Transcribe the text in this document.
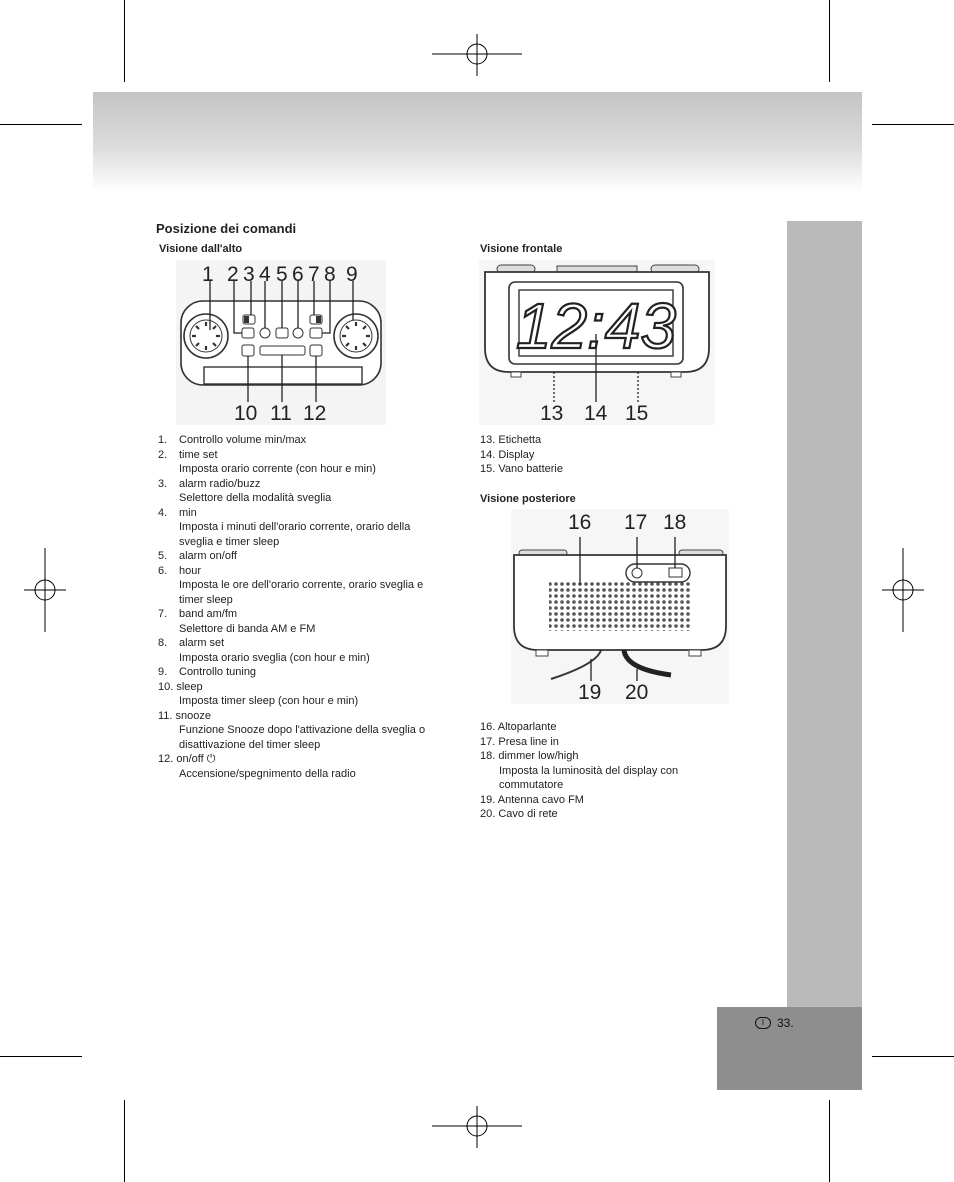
I	33.
Posizione dei comandi
Visione dall'alto	Visione frontale
Visione posteriore
1 2 3 4 5 6 7 8 9
10 11 12
12:43
13 14 15
16 17 18
19 20
1. Controllo volume min/max
2. time set
Imposta orario corrente (con hour e min)
3. alarm radio/buzz
Selettore della modalità sveglia
4. min
Imposta i minuti dell'orario corrente, orario della sveglia e timer sleep
5. alarm on/off
6. hour
Imposta le ore dell'orario corrente, orario sveglia e timer sleep
7. band am/fm
Selettore di banda AM e FM
8. alarm set
Imposta orario sveglia (con hour e min)
9. Controllo tuning
10. sleep
Imposta timer sleep (con hour e min)
11. snooze
Funzione Snooze dopo l'attivazione della sveglia o disattivazione del timer sleep
12. on/off ⏻
Accensione/spegnimento della radio
13. Etichetta
14. Display
15. Vano batterie
16. Altoparlante
17. Presa line in
18. dimmer low/high
Imposta la luminosità del display con commutatore
19. Antenna cavo FM
20. Cavo di rete
